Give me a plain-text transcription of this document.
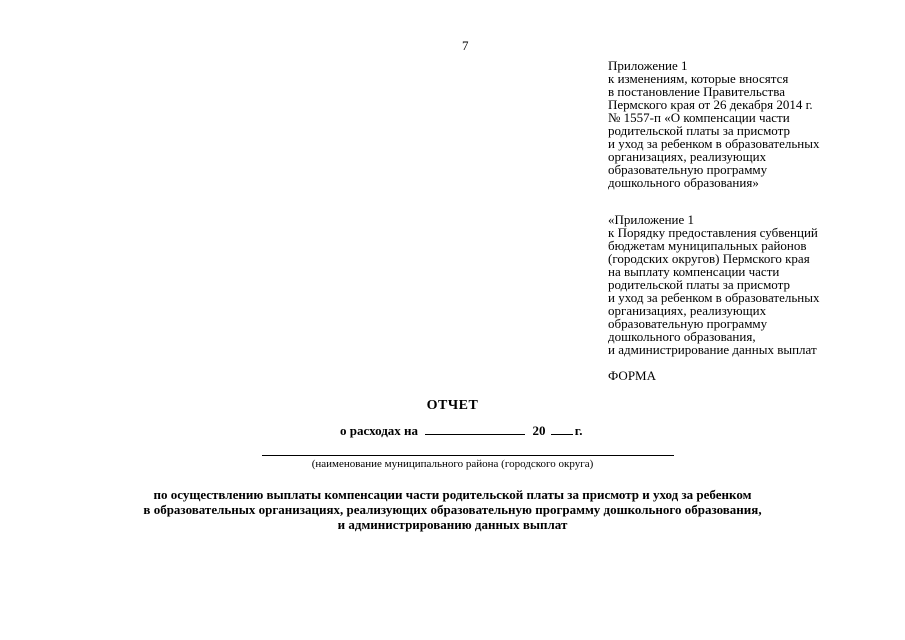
7
Приложение 1
к изменениям, которые вносятся
в постановление Правительства
Пермского края от 26 декабря 2014 г.
№ 1557-п «О компенсации части
родительской платы за присмотр
и уход за ребенком в образовательных
организациях, реализующих
образовательную программу
дошкольного образования»
«Приложение 1
к Порядку предоставления субвенций
бюджетам муниципальных районов
(городских округов) Пермского края
на выплату компенсации части
родительской платы за присмотр
и уход за ребенком в образовательных
организациях, реализующих
образовательную программу
дошкольного образования,
и администрирование данных выплат
ФОРМА
ОТЧЕТ
о расходах на	20 г.
(наименование муниципального района (городского округа)
по осуществлению выплаты компенсации части родительской платы за присмотр и уход за ребенком
в образовательных организациях, реализующих образовательную программу дошкольного образования,
и администрированию данных выплат
